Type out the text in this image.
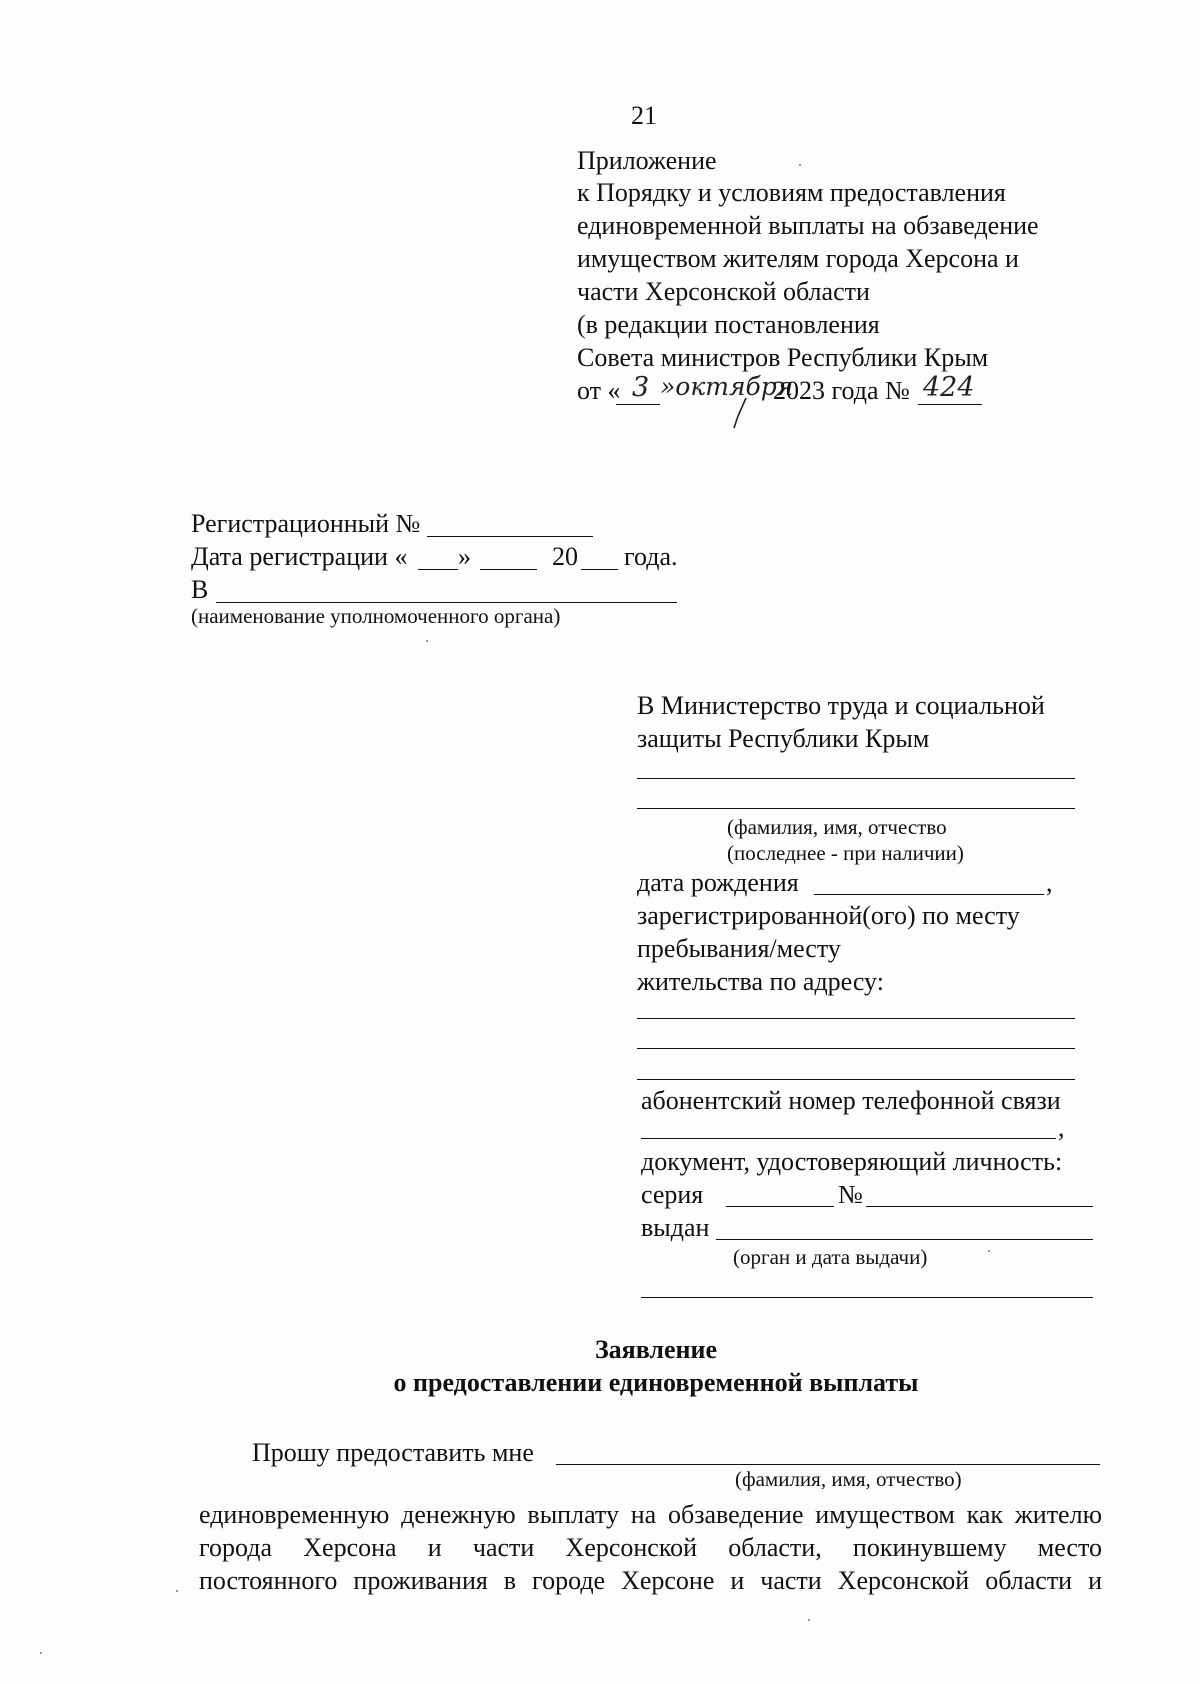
21
Приложение
к Порядку и условиям предоставления
единовременной выплаты на обзаведение
имуществом жителям города Херсона и
части Херсонской области
(в редакции постановления
Совета министров Республики Крым
от « 3 »октября
2023 года № 424
Регистрационный №
Дата регистрации « »	20 года.
В
(наименование уполномоченного органа)
В Министерство труда и социальной
защиты Республики Крым
(фамилия, имя, отчество
(последнее - при наличии)
дата рождения	,
зарегистрированной(ого) по месту
пребывания/месту
жительства по адресу:
абонентский номер телефонной связи
,
документ, удостоверяющий личность:
серия	№
выдан
(орган и дата выдачи)
Заявление
о предоставлении единовременной выплаты
Прошу предоставить мне
(фамилия, имя, отчество)
единовременную денежную выплату на обзаведение имуществом как жителю
города Херсона и части Херсонской области, покинувшему место
постоянного проживания в городе Херсоне и части Херсонской области и
